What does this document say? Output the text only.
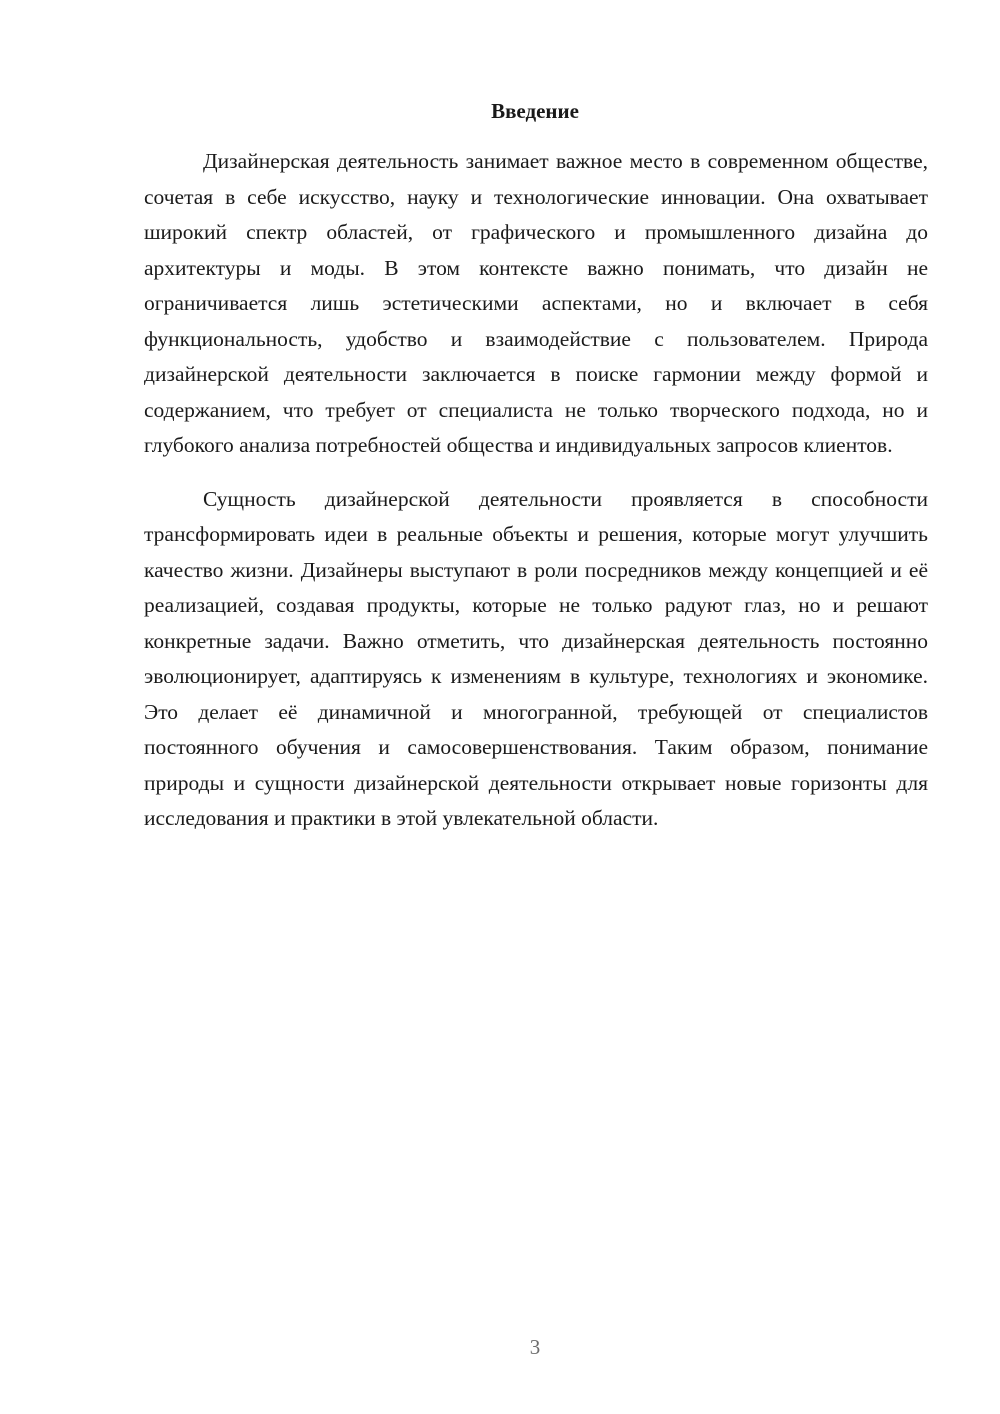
Введение

Дизайнерская деятельность занимает важное место в современном обществе, сочетая в себе искусство, науку и технологические инновации. Она охватывает широкий спектр областей, от графического и промышленного дизайна до архитектуры и моды. В этом контексте важно понимать, что дизайн не ограничивается лишь эстетическими аспектами, но и включает в себя функциональность, удобство и взаимодействие с пользователем. Природа дизайнерской деятельности заключается в поиске гармонии между формой и содержанием, что требует от специалиста не только творческого подхода, но и глубокого анализа потребностей общества и индивидуальных запросов клиентов.

Сущность дизайнерской деятельности проявляется в способности трансформировать идеи в реальные объекты и решения, которые могут улучшить качество жизни. Дизайнеры выступают в роли посредников между концепцией и её реализацией, создавая продукты, которые не только радуют глаз, но и решают конкретные задачи. Важно отметить, что дизайнерская деятельность постоянно эволюционирует, адаптируясь к изменениям в культуре, технологиях и экономике. Это делает её динамичной и многогранной, требующей от специалистов постоянного обучения и самосовершенствования. Таким образом, понимание природы и сущности дизайнерской деятельности открывает новые горизонты для исследования и практики в этой увлекательной области.

3
